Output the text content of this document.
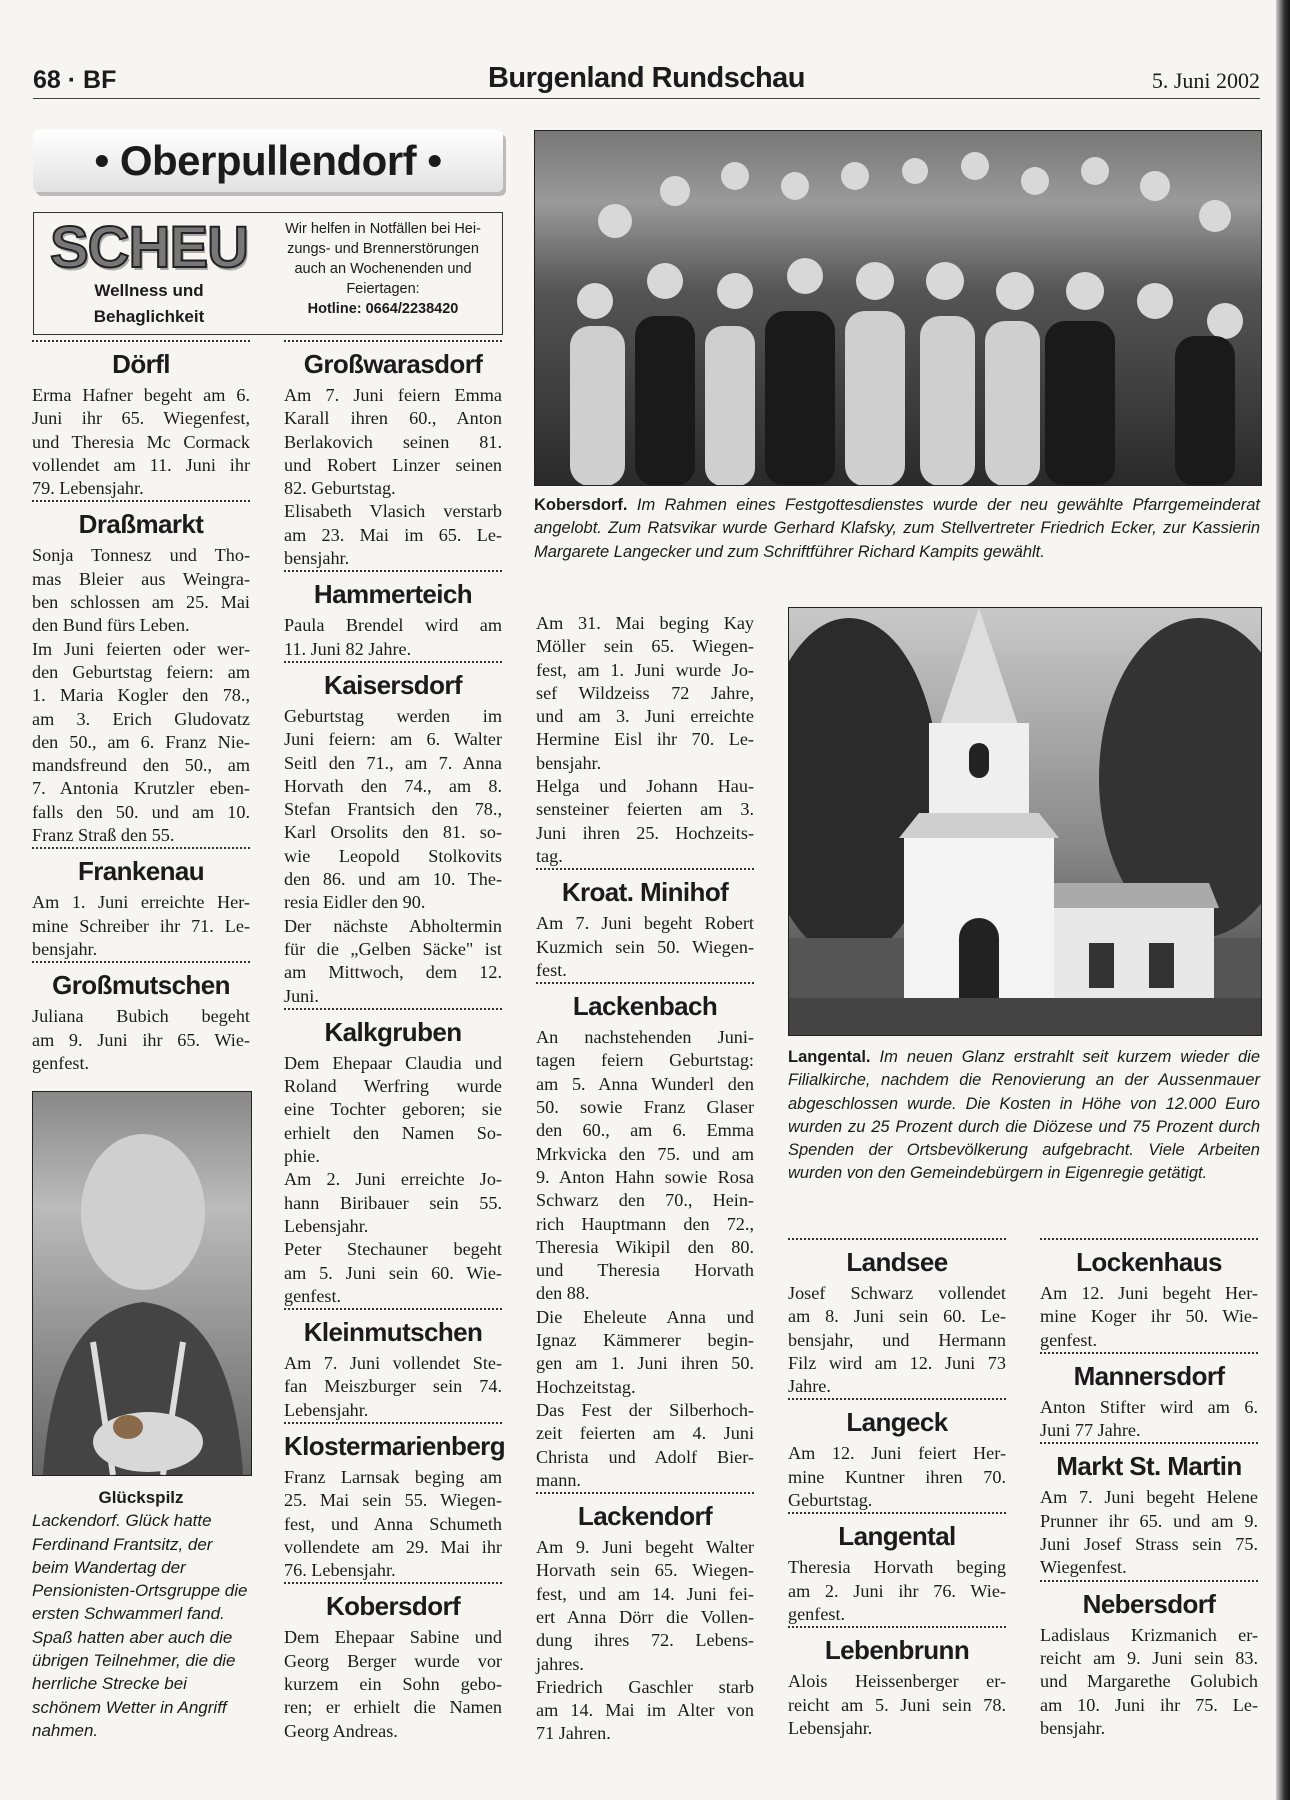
68 · BF	Burgenland Rundschau	5. Juni 2002
• Oberpullendorf •
SCHEU
Wellness und
Behaglichkeit
Wir helfen in Notfällen bei Hei-
zungs- und Brennerstörungen
auch an Wochenenden und
Feiertagen:
Hotline: 0664/2238420
Dörfl
Erma Hafner begeht am 6.
Juni ihr 65. Wiegenfest,
und Theresia Mc Cormack
vollendet am 11. Juni ihr
79. Lebensjahr.
Draßmarkt
Sonja Tonnesz und Tho-
mas Bleier aus Weingra-
ben schlossen am 25. Mai
den Bund fürs Leben.
Im Juni feierten oder wer-
den Geburtstag feiern: am
1. Maria Kogler den 78.,
am 3. Erich Gludovatz
den 50., am 6. Franz Nie-
mandsfreund den 50., am
7. Antonia Krutzler eben-
falls den 50. und am 10.
Franz Straß den 55.
Frankenau
Am 1. Juni erreichte Her-
mine Schreiber ihr 71. Le-
bensjahr.
Großmutschen
Juliana Bubich begeht
am 9. Juni ihr 65. Wie-
genfest.
Großwarasdorf
Am 7. Juni feiern Emma
Karall ihren 60., Anton
Berlakovich seinen 81.
und Robert Linzer seinen
82. Geburtstag.
Elisabeth Vlasich verstarb
am 23. Mai im 65. Le-
bensjahr.
Hammerteich
Paula Brendel wird am
11. Juni 82 Jahre.
Kaisersdorf
Geburtstag werden im
Juni feiern: am 6. Walter
Seitl den 71., am 7. Anna
Horvath den 74., am 8.
Stefan Frantsich den 78.,
Karl Orsolits den 81. so-
wie Leopold Stolkovits
den 86. und am 10. The-
resia Eidler den 90.
Der nächste Abholtermin
für die „Gelben Säcke" ist
am Mittwoch, dem 12.
Juni.
Kalkgruben
Dem Ehepaar Claudia und
Roland Werfring wurde
eine Tochter geboren; sie
erhielt den Namen So-
phie.
Am 2. Juni erreichte Jo-
hann Biribauer sein 55.
Lebensjahr.
Peter Stechauner begeht
am 5. Juni sein 60. Wie-
genfest.
Kleinmutschen
Am 7. Juni vollendet Ste-
fan Meiszburger sein 74.
Lebensjahr.
Klostermarienberg
Franz Larnsak beging am
25. Mai sein 55. Wiegen-
fest, und Anna Schumeth
vollendete am 29. Mai ihr
76. Lebensjahr.
Kobersdorf
Dem Ehepaar Sabine und
Georg Berger wurde vor
kurzem ein Sohn gebo-
ren; er erhielt die Namen
Georg Andreas.
Am 31. Mai beging Kay
Möller sein 65. Wiegen-
fest, am 1. Juni wurde Jo-
sef Wildzeiss 72 Jahre,
und am 3. Juni erreichte
Hermine Eisl ihr 70. Le-
bensjahr.
Helga und Johann Hau-
sensteiner feierten am 3.
Juni ihren 25. Hochzeits-
tag.
Kroat. Minihof
Am 7. Juni begeht Robert
Kuzmich sein 50. Wiegen-
fest.
Lackenbach
An nachstehenden Juni-
tagen feiern Geburtstag:
am 5. Anna Wunderl den
50. sowie Franz Glaser
den 60., am 6. Emma
Mrkvicka den 75. und am
9. Anton Hahn sowie Rosa
Schwarz den 70., Hein-
rich Hauptmann den 72.,
Theresia Wikipil den 80.
und Theresia Horvath
den 88.
Die Eheleute Anna und
Ignaz Kämmerer begin-
gen am 1. Juni ihren 50.
Hochzeitstag.
Das Fest der Silberhoch-
zeit feierten am 4. Juni
Christa und Adolf Bier-
mann.
Lackendorf
Am 9. Juni begeht Walter
Horvath sein 65. Wiegen-
fest, und am 14. Juni fei-
ert Anna Dörr die Vollen-
dung ihres 72. Lebens-
jahres.
Friedrich Gaschler starb
am 14. Mai im Alter von
71 Jahren.
Landsee
Josef Schwarz vollendet
am 8. Juni sein 60. Le-
bensjahr, und Hermann
Filz wird am 12. Juni 73
Jahre.
Langeck
Am 12. Juni feiert Her-
mine Kuntner ihren 70.
Geburtstag.
Langental
Theresia Horvath beging
am 2. Juni ihr 76. Wie-
genfest.
Lebenbrunn
Alois Heissenberger er-
reicht am 5. Juni sein 78.
Lebensjahr.
Lockenhaus
Am 12. Juni begeht Her-
mine Koger ihr 50. Wie-
genfest.
Mannersdorf
Anton Stifter wird am 6.
Juni 77 Jahre.
Markt St. Martin
Am 7. Juni begeht Helene
Prunner ihr 65. und am 9.
Juni Josef Strass sein 75.
Wiegenfest.
Nebersdorf
Ladislaus Krizmanich er-
reicht am 9. Juni sein 83.
und Margarethe Golubich
am 10. Juni ihr 75. Le-
bensjahr.
Kobersdorf. Im Rahmen eines Festgottesdienstes wurde der neu gewählte Pfarrgemeinderat angelobt. Zum Ratsvikar wurde Gerhard Klafsky, zum Stellvertreter Friedrich Ecker, zur Kassierin Margarete Langecker und zum Schriftführer Richard Kampits gewählt.
Langental. Im neuen Glanz erstrahlt seit kurzem wieder die Filialkirche, nachdem die Renovierung an der Aussenmauer abgeschlossen wurde. Die Kosten in Höhe von 12.000 Euro wurden zu 25 Prozent durch die Diözese und 75 Prozent durch Spenden der Ortsbevölkerung aufgebracht. Viele Arbeiten wurden von den Gemeindebürgern in Eigenregie getätigt.
Glückspilz
Lackendorf. Glück hatte Ferdinand Frantsitz, der beim Wandertag der Pensionisten-Ortsgruppe die ersten Schwammerl fand. Spaß hatten aber auch die übrigen Teilnehmer, die die herrliche Strecke bei schönem Wetter in Angriff nahmen.
